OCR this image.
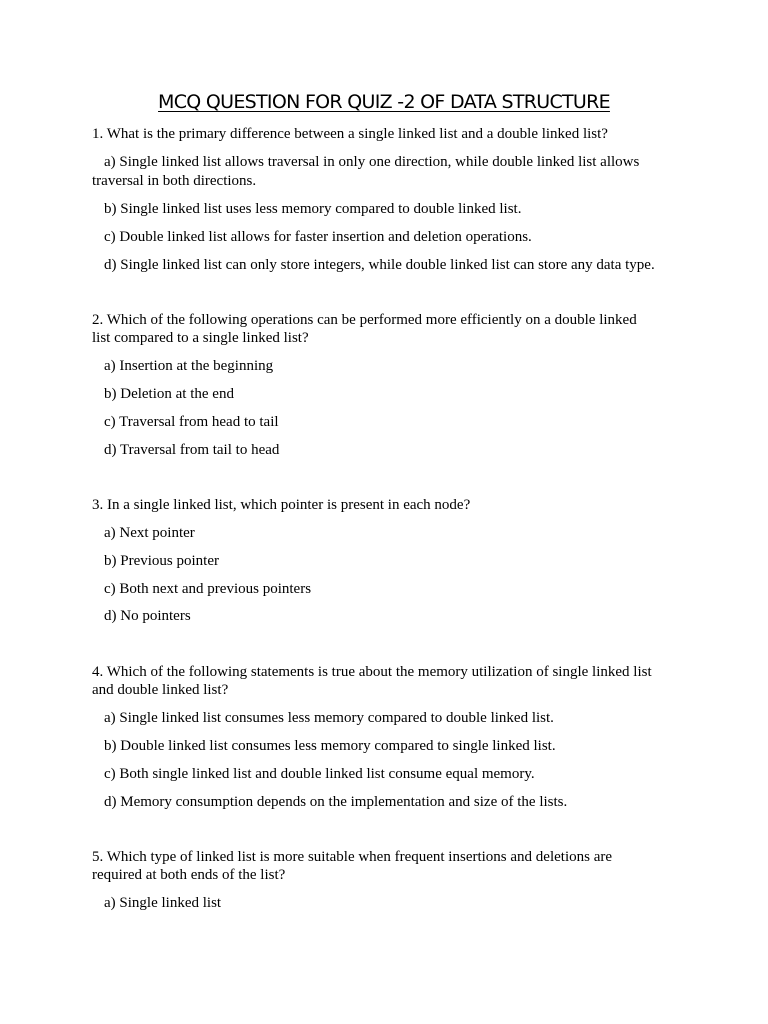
MCQ QUESTION FOR QUIZ -2 OF DATA STRUCTURE
1. What is the primary difference between a single linked list and a double linked list?
a) Single linked list allows traversal in only one direction, while double linked list allows
traversal in both directions.
b) Single linked list uses less memory compared to double linked list.
c) Double linked list allows for faster insertion and deletion operations.
d) Single linked list can only store integers, while double linked list can store any data type.
2. Which of the following operations can be performed more efficiently on a double linked
list compared to a single linked list?
a) Insertion at the beginning
b) Deletion at the end
c) Traversal from head to tail
d) Traversal from tail to head
3. In a single linked list, which pointer is present in each node?
a) Next pointer
b) Previous pointer
c) Both next and previous pointers
d) No pointers
4. Which of the following statements is true about the memory utilization of single linked list
and double linked list?
a) Single linked list consumes less memory compared to double linked list.
b) Double linked list consumes less memory compared to single linked list.
c) Both single linked list and double linked list consume equal memory.
d) Memory consumption depends on the implementation and size of the lists.
5. Which type of linked list is more suitable when frequent insertions and deletions are
required at both ends of the list?
a) Single linked list
